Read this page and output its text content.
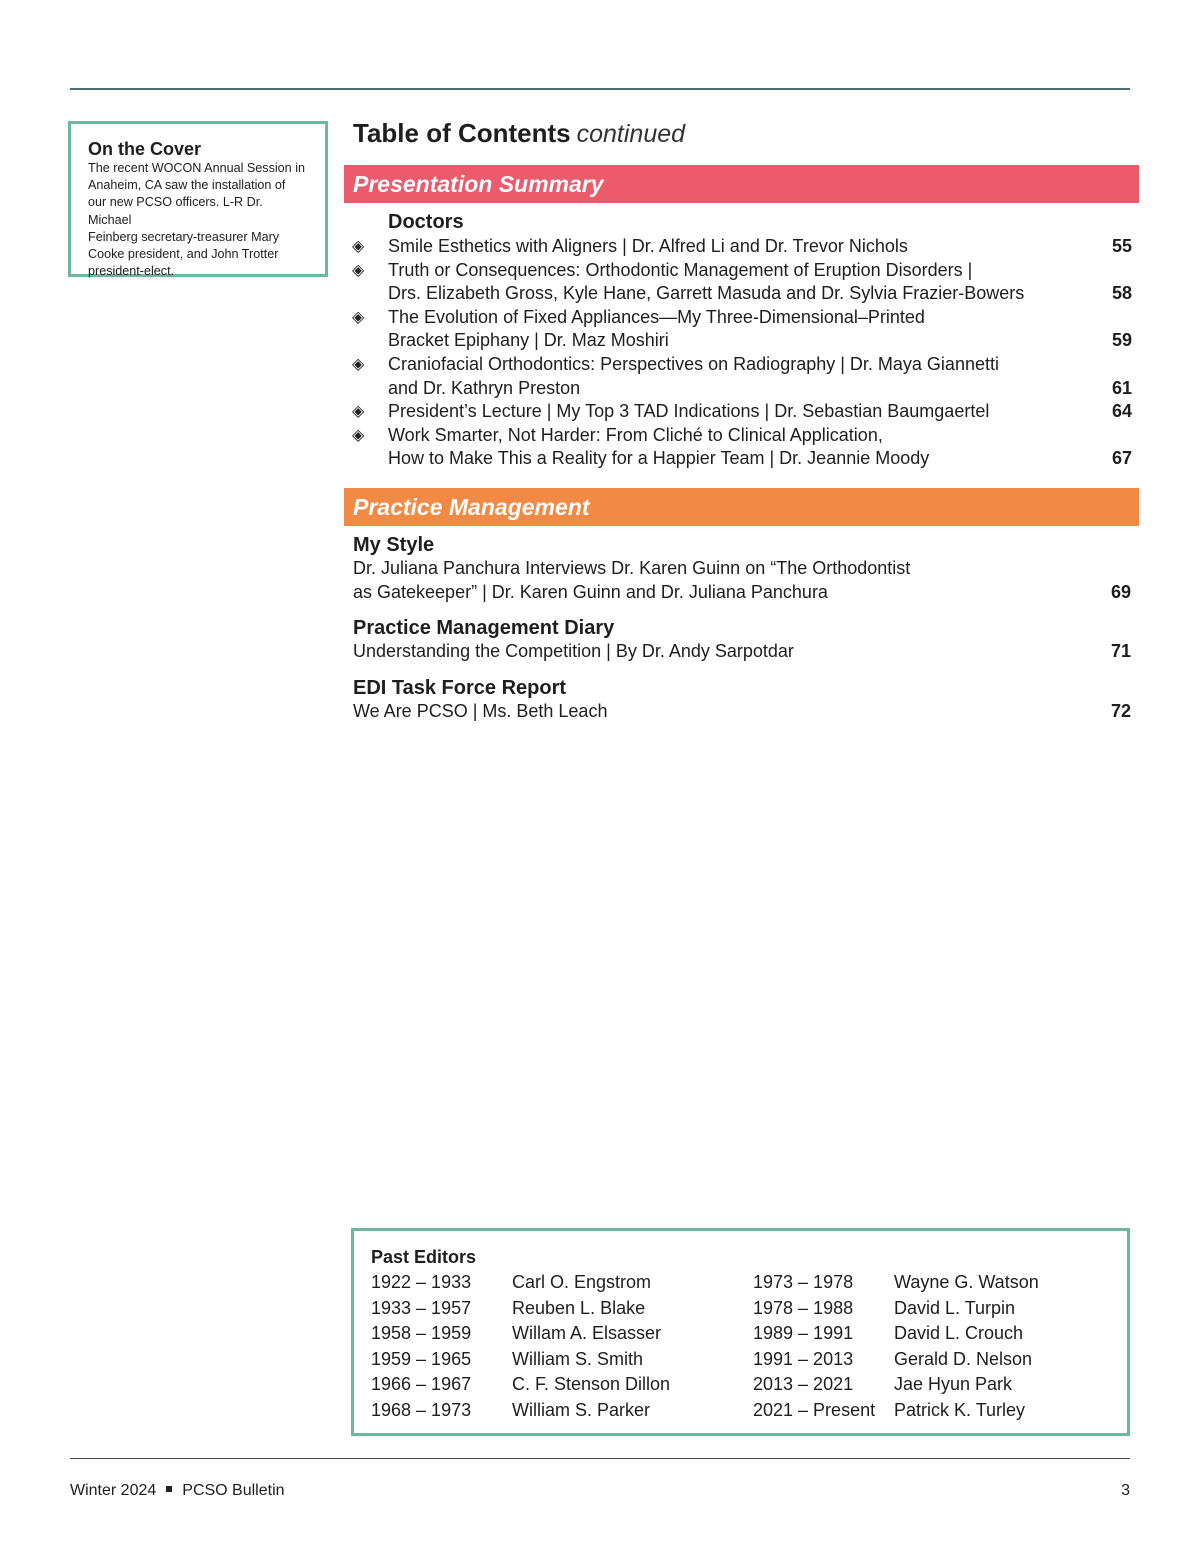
On the Cover
The recent WOCON Annual Session in
Anaheim, CA saw the installation of
our new PCSO officers. L-R Dr. Michael
Feinberg secretary-treasurer Mary
Cooke president, and John Trotter
president-elect.
Table of Contents continued
Presentation Summary
Doctors
◈ Smile Esthetics with Aligners | Dr. Alfred Li and Dr. Trevor Nichols	55
◈ Truth or Consequences: Orthodontic Management of Eruption Disorders |
Drs. Elizabeth Gross, Kyle Hane, Garrett Masuda and Dr. Sylvia Frazier-Bowers	58
◈ The Evolution of Fixed Appliances—My Three-Dimensional–Printed
Bracket Epiphany | Dr. Maz Moshiri	59
◈ Craniofacial Orthodontics: Perspectives on Radiography | Dr. Maya Giannetti
and Dr. Kathryn Preston	61
◈ President’s Lecture | My Top 3 TAD Indications | Dr. Sebastian Baumgaertel	64
◈ Work Smarter, Not Harder: From Cliché to Clinical Application,
How to Make This a Reality for a Happier Team | Dr. Jeannie Moody	67
Practice Management
My Style
Dr. Juliana Panchura Interviews Dr. Karen Guinn on “The Orthodontist
as Gatekeeper” | Dr. Karen Guinn and Dr. Juliana Panchura	69
Practice Management Diary
Understanding the Competition | By Dr. Andy Sarpotdar	71
EDI Task Force Report
We Are PCSO | Ms. Beth Leach	72
Past Editors
1922 – 1933	Carl O. Engstrom	1973 – 1978	Wayne G. Watson
1933 – 1957	Reuben L. Blake	1978 – 1988	David L. Turpin
1958 – 1959	Willam A. Elsasser	1989 – 1991	David L. Crouch
1959 – 1965	William S. Smith	1991 – 2013	Gerald D. Nelson
1966 – 1967	C. F. Stenson Dillon	2013 – 2021	Jae Hyun Park
1968 – 1973	William S. Parker	2021 – Present	Patrick K. Turley
Winter 2024 PCSO Bulletin	3
